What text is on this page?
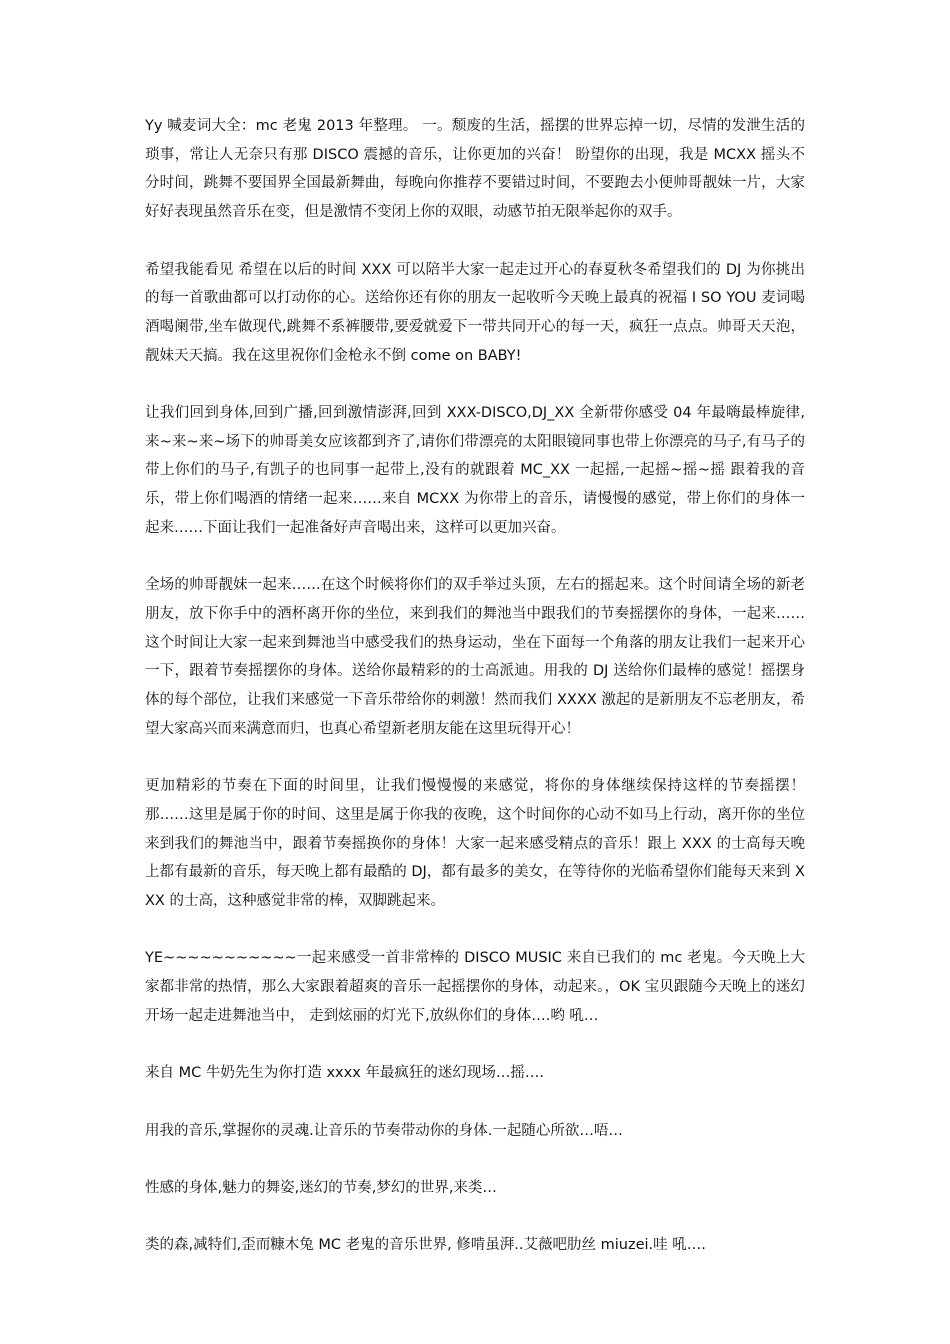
Yy 喊麦词大全：mc 老鬼 2013 年整理。 一。颓废的生活，摇摆的世界忘掉一切，尽情的发泄生活的琐事，常让人无奈只有那 DISCO 震撼的音乐，让你更加的兴奋！ 盼望你的出现，我是 MCXX 摇头不分时间，跳舞不要国界全国最新舞曲，每晚向你推荐不要错过时间，不要跑去小便帅哥靓妹一片，大家好好表现虽然音乐在变，但是激情不变闭上你的双眼，动感节拍无限举起你的双手。

希望我能看见 希望在以后的时间 XXX 可以陪半大家一起走过开心的春夏秋冬希望我们的 DJ 为你挑出的每一首歌曲都可以打动你的心。送给你还有你的朋友一起收听今天晚上最真的祝福 I SO YOU 麦词喝酒喝阑带,坐车做现代,跳舞不系裤腰带,要爱就爱下一带共同开心的每一天，疯狂一点点。帅哥天天泡，靓妹天天搞。我在这里祝你们金枪永不倒 come on BABY!

让我们回到身体,回到广播,回到激情澎湃,回到 XXX-DISCO,DJ_XX 全新带你感受 04 年最嗨最棒旋律,来~来~来~场下的帅哥美女应该都到齐了,请你们带漂亮的太阳眼镜同事也带上你漂亮的马子,有马子的带上你们的马子,有凯子的也同事一起带上,没有的就跟着 MC_XX 一起摇,一起摇~摇~摇 跟着我的音乐，带上你们喝酒的情绪一起来……来自 MCXX 为你带上的音乐，请慢慢的感觉，带上你们的身体一起来……下面让我们一起准备好声音喝出来，这样可以更加兴奋。

全场的帅哥靓妹一起来……在这个时候将你们的双手举过头顶，左右的摇起来。这个时间请全场的新老朋友，放下你手中的酒杯离开你的坐位，来到我们的舞池当中跟我们的节奏摇摆你的身体，一起来……这个时间让大家一起来到舞池当中感受我们的热身运动，坐在下面每一个角落的朋友让我们一起来开心一下，跟着节奏摇摆你的身体。送给你最精彩的的士高派迪。用我的 DJ 送给你们最棒的感觉！摇摆身体的每个部位，让我们来感觉一下音乐带给你的刺激！然而我们 XXXX 激起的是新朋友不忘老朋友，希望大家高兴而来满意而归，也真心希望新老朋友能在这里玩得开心！

更加精彩的节奏在下面的时间里，让我们慢慢慢的来感觉，将你的身体继续保持这样的节奏摇摆！那……这里是属于你的时间、这里是属于你我的夜晚，这个时间你的心动不如马上行动，离开你的坐位来到我们的舞池当中，跟着节奏摇换你的身体！大家一起来感受精点的音乐！跟上 XXX 的士高每天晚上都有最新的音乐，每天晚上都有最酷的 DJ，都有最多的美女，在等待你的光临希望你们能每天来到 XXX 的士高，这种感觉非常的棒，双脚跳起来。

YE~~~~~~~~~~~一起来感受一首非常棒的 DISCO MUSIC 来自已我们的 mc 老鬼。今天晚上大家都非常的热情，那么大家跟着超爽的音乐一起摇摆你的身体，动起来。，OK 宝贝跟随今天晚上的迷幻开场一起走进舞池当中， 走到炫丽的灯光下,放纵你们的身体….哟 吼…

来自 MC 牛奶先生为你打造 xxxx 年最疯狂的迷幻现场…摇….

用我的音乐,掌握你的灵魂.让音乐的节奏带动你的身体.一起随心所欲…唔…

性感的身体,魅力的舞姿,迷幻的节奏,梦幻的世界,来类…

类的森,减特们,歪而糠木兔 MC 老鬼的音乐世界, 修啃虽湃..艾薇吧肋丝 miuzei.哇 吼….
